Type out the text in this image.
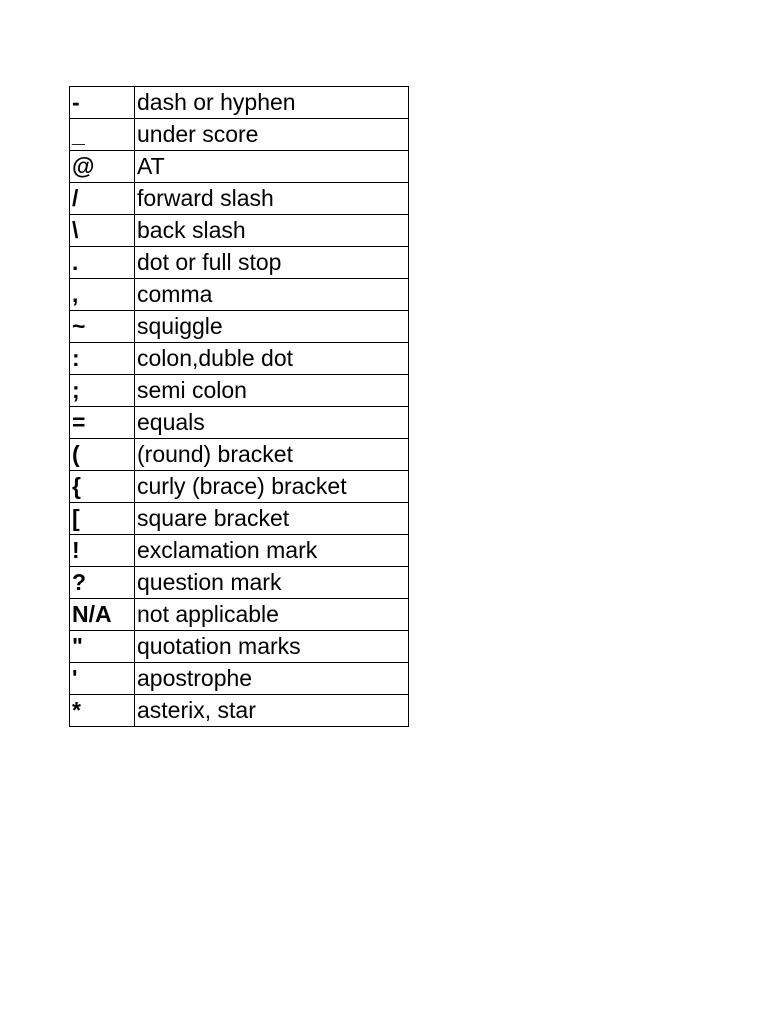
-	dash or hyphen
_	under score
@	AT
/	forward slash
\	back slash
.	dot or full stop
,	comma
~	squiggle
:	colon,duble dot
;	semi colon
=	equals
(	(round) bracket
{	curly (brace) bracket
[	square bracket
!	exclamation mark
?	question mark
N/A	not applicable
"	quotation marks
'	apostrophe
*	asterix, star
